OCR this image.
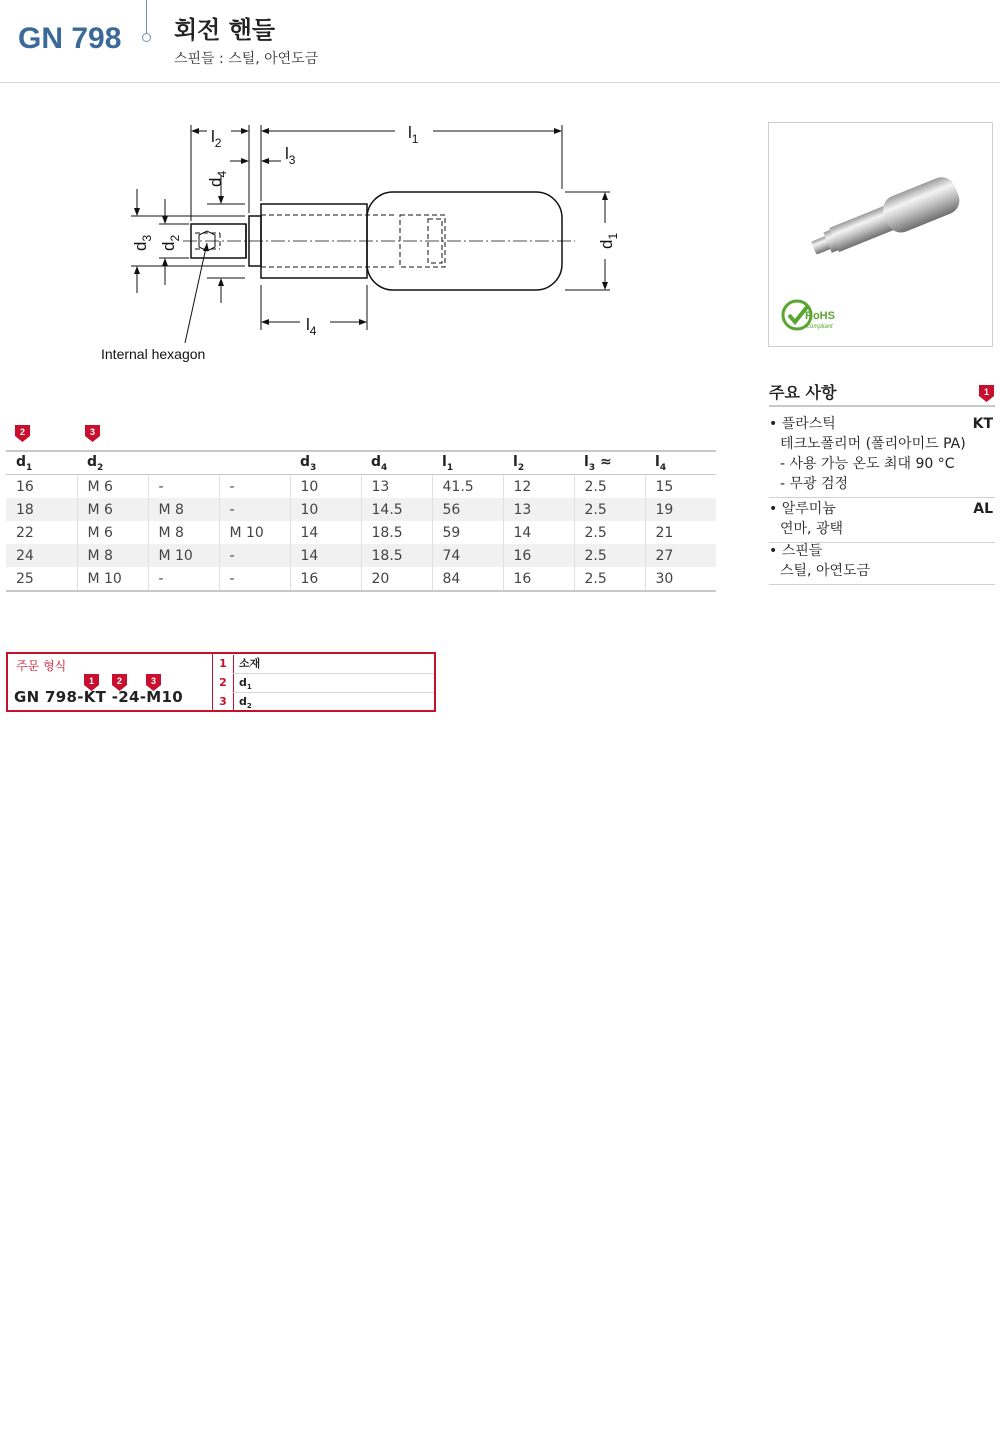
GN 798 회전 핸들
스핀들 : 스틸, 아연도금
$l_1$
$l_2$
$l_3$
$l_4$
$d_1$
$d_2$
$d_3$
$d_4$
Internal hexagon
RoHS
compliant
주요 사항	1
• 플라스틱	KT
테크노폴리머 (폴리아미드 PA)
- 사용 가능 온도 최대 90 °C
- 무광 검정
• 알루미늄	AL
연마, 광택
• 스핀들
스틸, 아연도금
2	3
$d_1$	$d_2$			$d_3$	$d_4$	$l_1$	$l_2$	$l_3$ ≈	$l_4$
16	M 6	-	-	10	13	41.5	12	2.5	15
18	M 6	M 8	-	10	14.5	56	13	2.5	19
22	M 6	M 8	M 10	14	18.5	59	14	2.5	21
24	M 8	M 10	-	14	18.5	74	16	2.5	27
25	M 10	-	-	16	20	84	16	2.5	30
주문 형식
1	2	3
GN 798-KT -24-M10
1	소재
2	$d_1$
3	$d_2$
